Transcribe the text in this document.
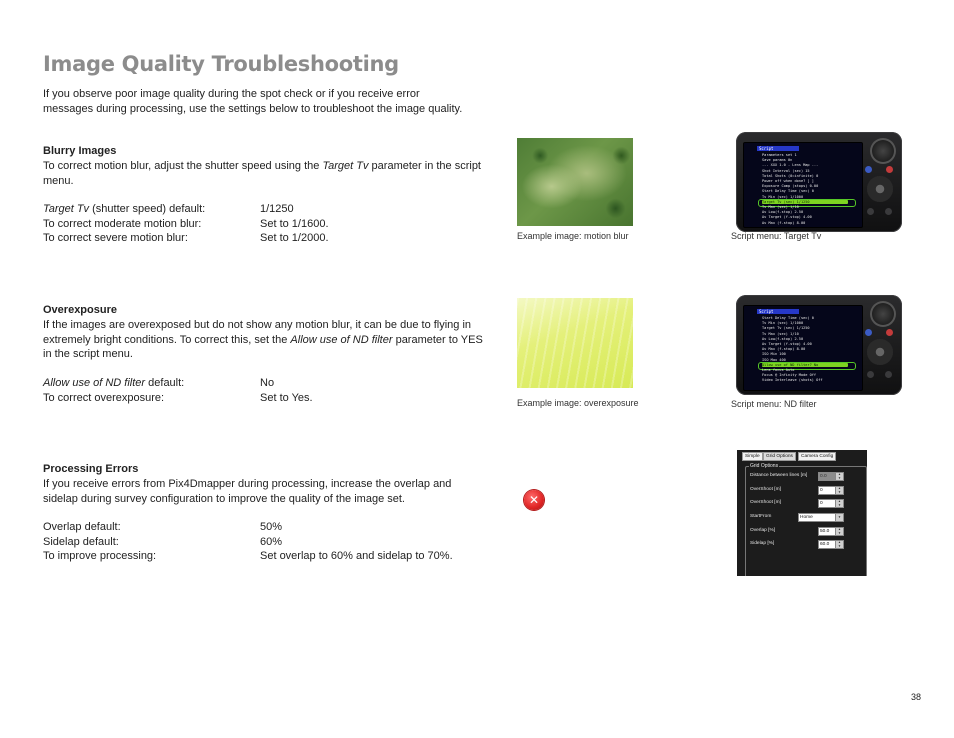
Image Quality Troubleshooting
If you observe poor image quality during the spot check or if you receive error messages during processing, use the settings below to troubleshoot the image quality.
Blurry Images
To correct motion blur, adjust the shutter speed using the Target Tv parameter in the script menu.
Target Tv (shutter speed) default:	1/1250
To correct moderate motion blur:	Set to 1/1600.
To correct severe motion blur:	Set to 1/2000.	Example image: motion blur
Script
Parameters set 1
Save params 0n
--- XXX 1.0 - Lens Map ---
Shot Interval (sec) 15
Total Shots (0=infinite) 0
Power off when done? [ ]
Exposure Comp (stops) 0.00
Start Delay Time (sec) 0
Tv Min (sec) 1/1000
Target Tv (sec) 1/1250
Tv Max (sec) 1/10
Av Low(f-stop) 2.50
Av Target (f-stop) 4.00
Av Max (f-stop) 8.00
Script menu: Target Tv
Overexposure
If the images are overexposed but do not show any motion blur, it can be due to flying in extremely bright conditions. To correct this, set the Allow use of ND filter parameter to YES in the script menu.
Allow use of ND filter default:	No
To correct overexposure:	Set to Yes.	Example image: overexposure
Script
Start Delay Time (sec) 0
Tv Min (sec) 1/1000
Target Tv (sec) 1/1250
Tv Max (sec) 1/10
Av Low(f-stop) 2.50
Av Target (f-stop) 4.00
Av Max (f-stop) 8.00
ISO Min 100
ISO Max 400
Allow use of ND filter? No
Lens focus Auto
Focus @ Infinity Mode Off
Video Interleave (shots) Off
Script menu: ND filter
Processing Errors
If you receive errors from Pix4Dmapper during processing, increase the overlap and sidelap during survey configuration to improve the quality of the image set.
Overlap default:	50%
Sidelap default:	60%
To improve processing:	Set overlap to 60% and sidelap to 70%.
✕
Simple	Grid Options	Camera Config
Grid Options
Distance between lines [m]	0.0	▲
▼
OverShoot [m]	0	▲
▼
OverShoot [m]	0	▲
▼
StartFrom	Home	▼
Overlap [%]	50.0	▲
▼
Sidelap [%]	60.0	▲
▼
38
